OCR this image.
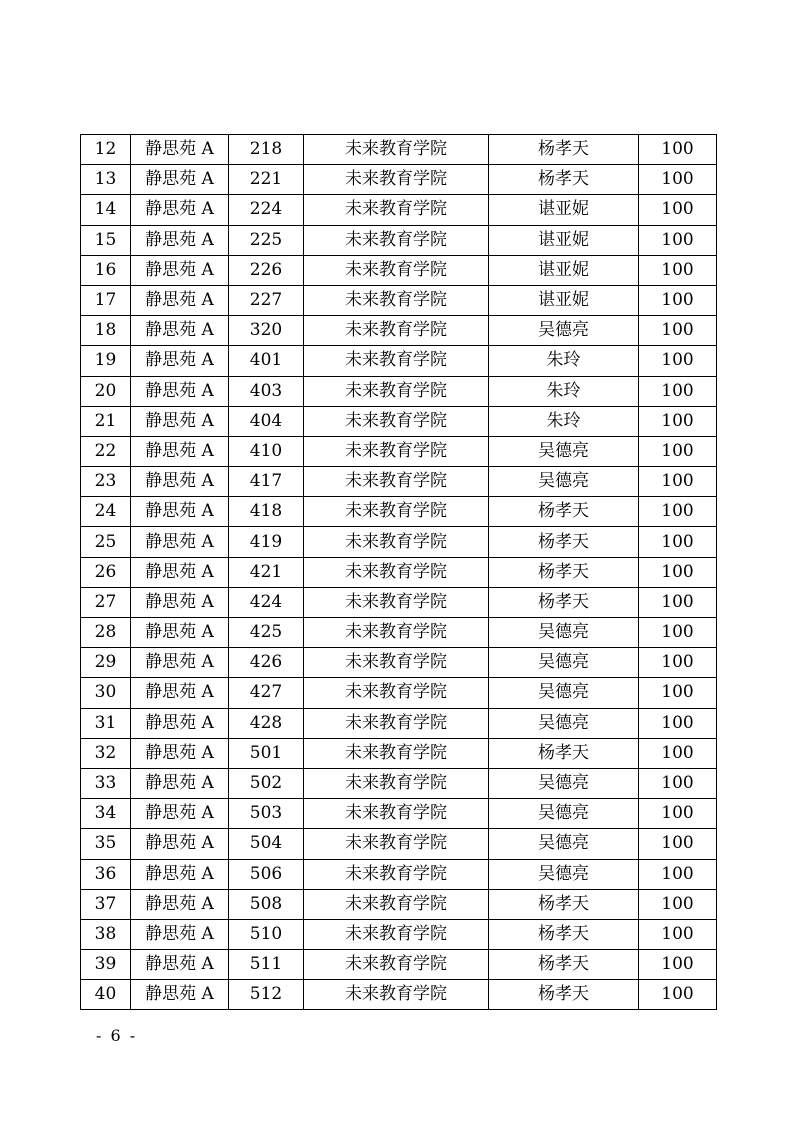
12	静思苑 A	218	未来教育学院	杨孝天	100
13	静思苑 A	221	未来教育学院	杨孝天	100
14	静思苑 A	224	未来教育学院	谌亚妮	100
15	静思苑 A	225	未来教育学院	谌亚妮	100
16	静思苑 A	226	未来教育学院	谌亚妮	100
17	静思苑 A	227	未来教育学院	谌亚妮	100
18	静思苑 A	320	未来教育学院	吴德亮	100
19	静思苑 A	401	未来教育学院	朱玲	100
20	静思苑 A	403	未来教育学院	朱玲	100
21	静思苑 A	404	未来教育学院	朱玲	100
22	静思苑 A	410	未来教育学院	吴德亮	100
23	静思苑 A	417	未来教育学院	吴德亮	100
24	静思苑 A	418	未来教育学院	杨孝天	100
25	静思苑 A	419	未来教育学院	杨孝天	100
26	静思苑 A	421	未来教育学院	杨孝天	100
27	静思苑 A	424	未来教育学院	杨孝天	100
28	静思苑 A	425	未来教育学院	吴德亮	100
29	静思苑 A	426	未来教育学院	吴德亮	100
30	静思苑 A	427	未来教育学院	吴德亮	100
31	静思苑 A	428	未来教育学院	吴德亮	100
32	静思苑 A	501	未来教育学院	杨孝天	100
33	静思苑 A	502	未来教育学院	吴德亮	100
34	静思苑 A	503	未来教育学院	吴德亮	100
35	静思苑 A	504	未来教育学院	吴德亮	100
36	静思苑 A	506	未来教育学院	吴德亮	100
37	静思苑 A	508	未来教育学院	杨孝天	100
38	静思苑 A	510	未来教育学院	杨孝天	100
39	静思苑 A	511	未来教育学院	杨孝天	100
40	静思苑 A	512	未来教育学院	杨孝天	100
- 6 -
